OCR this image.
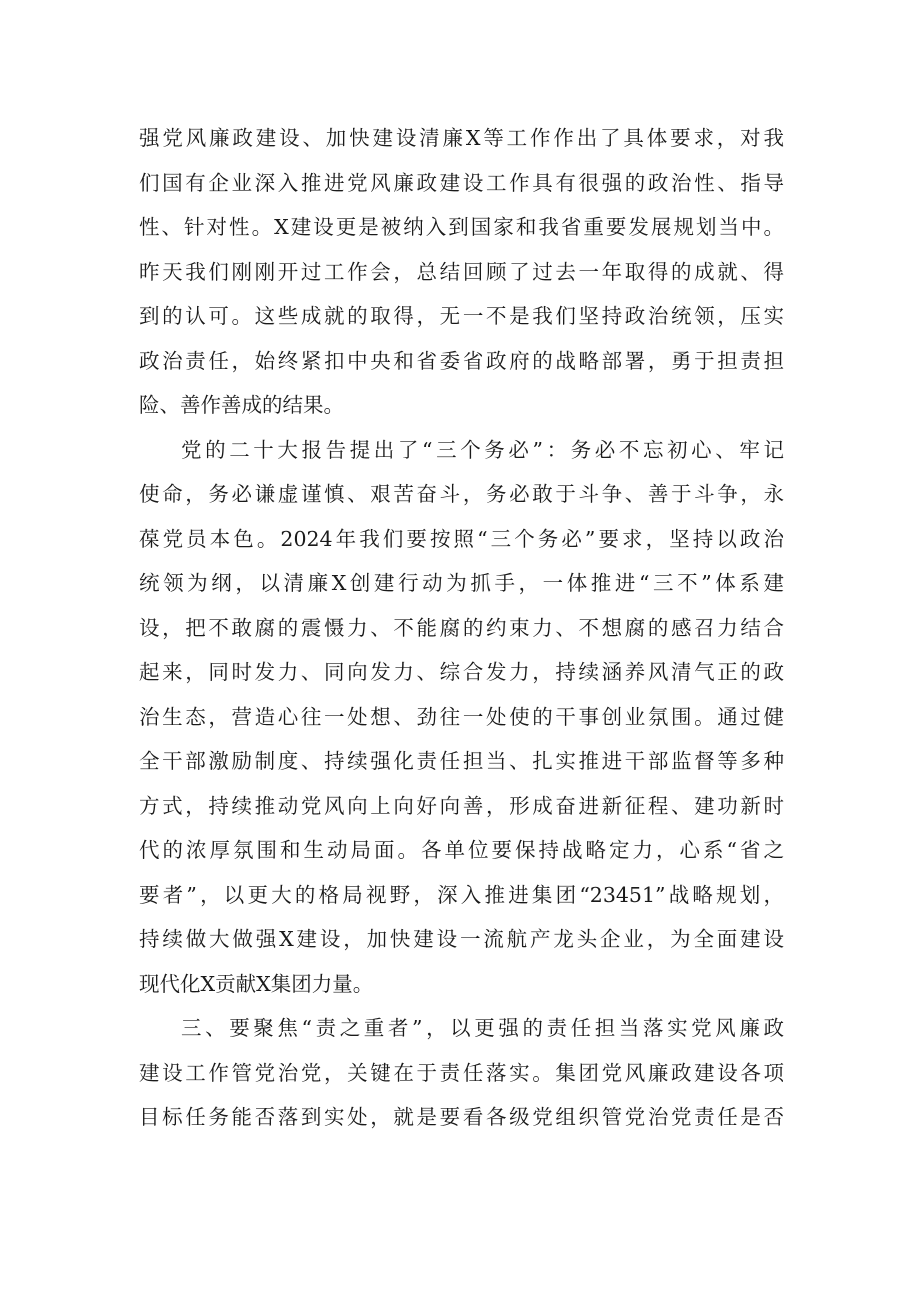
强党风廉政建设、加快建设清廉X等工作作出了具体要求，对我
们国有企业深入推进党风廉政建设工作具有很强的政治性、指导
性、针对性。X建设更是被纳入到国家和我省重要发展规划当中。
昨天我们刚刚开过工作会，总结回顾了过去一年取得的成就、得
到的认可。这些成就的取得，无一不是我们坚持政治统领，压实
政治责任，始终紧扣中央和省委省政府的战略部署，勇于担责担
险、善作善成的结果。
党的二十大报告提出了“三个务必”：务必不忘初心、牢记
使命，务必谦虚谨慎、艰苦奋斗，务必敢于斗争、善于斗争，永
葆党员本色。2024年我们要按照“三个务必”要求，坚持以政治
统领为纲，以清廉X创建行动为抓手，一体推进“三不”体系建
设，把不敢腐的震慑力、不能腐的约束力、不想腐的感召力结合
起来，同时发力、同向发力、综合发力，持续涵养风清气正的政
治生态，营造心往一处想、劲往一处使的干事创业氛围。通过健
全干部激励制度、持续强化责任担当、扎实推进干部监督等多种
方式，持续推动党风向上向好向善，形成奋进新征程、建功新时
代的浓厚氛围和生动局面。各单位要保持战略定力，心系“省之
要者”，以更大的格局视野，深入推进集团“23451”战略规划，
持续做大做强X建设，加快建设一流航产龙头企业，为全面建设
现代化X贡献X集团力量。
三、要聚焦“责之重者”，以更强的责任担当落实党风廉政
建设工作管党治党，关键在于责任落实。集团党风廉政建设各项
目标任务能否落到实处，就是要看各级党组织管党治党责任是否
